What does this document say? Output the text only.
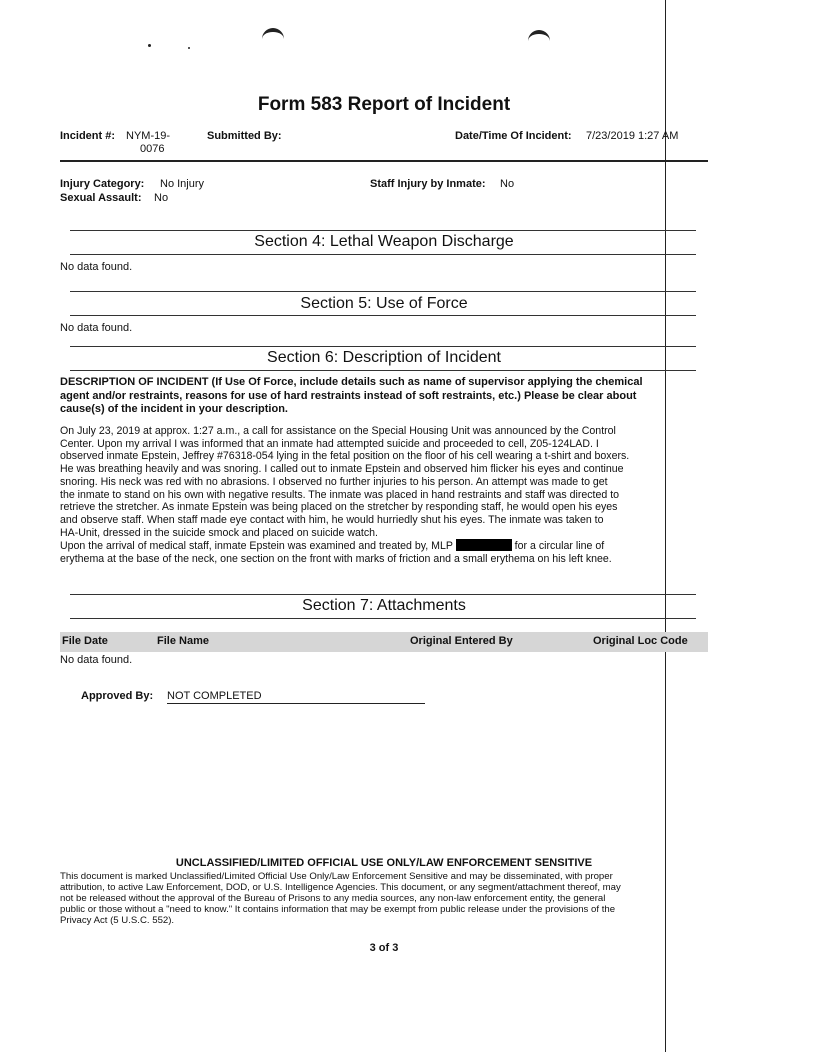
Form 583 Report of Incident
Incident #: NYM-19-
0076
Submitted By:	Date/Time Of Incident: 7/23/2019 1:27 AM
Injury Category: No Injury
Sexual Assault: No
Staff Injury by Inmate: No
Section 4: Lethal Weapon Discharge
No data found.
Section 5: Use of Force
No data found.
Section 6: Description of Incident
DESCRIPTION OF INCIDENT (If Use Of Force, include details such as name of supervisor applying the chemical
agent and/or restraints, reasons for use of hard restraints instead of soft restraints, etc.) Please be clear about
cause(s) of the incident in your description.
On July 23, 2019 at approx. 1:27 a.m., a call for assistance on the Special Housing Unit was announced by the Control
Center. Upon my arrival I was informed that an inmate had attempted suicide and proceeded to cell, Z05-124LAD. I
observed inmate Epstein, Jeffrey #76318-054 lying in the fetal position on the floor of his cell wearing a t-shirt and boxers.
He was breathing heavily and was snoring. I called out to inmate Epstein and observed him flicker his eyes and continue
snoring. His neck was red with no abrasions. I observed no further injuries to his person. An attempt was made to get
the inmate to stand on his own with negative results. The inmate was placed in hand restraints and staff was directed to
retrieve the stretcher. As inmate Epstein was being placed on the stretcher by responding staff, he would open his eyes
and observe staff. When staff made eye contact with him, he would hurriedly shut his eyes. The inmate was taken to
HA-Unit, dressed in the suicide smock and placed on suicide watch.
Upon the arrival of medical staff, inmate Epstein was examined and treated by, MLP	for a circular line of
erythema at the base of the neck, one section on the front with marks of friction and a small erythema on his left knee.
Section 7: Attachments
File Date	File Name	Original Entered By	Original Loc Code
No data found.
Approved By: NOT COMPLETED
UNCLASSIFIED/LIMITED OFFICIAL USE ONLY/LAW ENFORCEMENT SENSITIVE
This document is marked Unclassified/Limited Official Use Only/Law Enforcement Sensitive and may be disseminated, with proper
attribution, to active Law Enforcement, DOD, or U.S. Intelligence Agencies. This document, or any segment/attachment thereof, may
not be released without the approval of the Bureau of Prisons to any media sources, any non-law enforcement entity, the general
public or those without a "need to know." It contains information that may be exempt from public release under the provisions of the
Privacy Act (5 U.S.C. 552).
3 of 3
